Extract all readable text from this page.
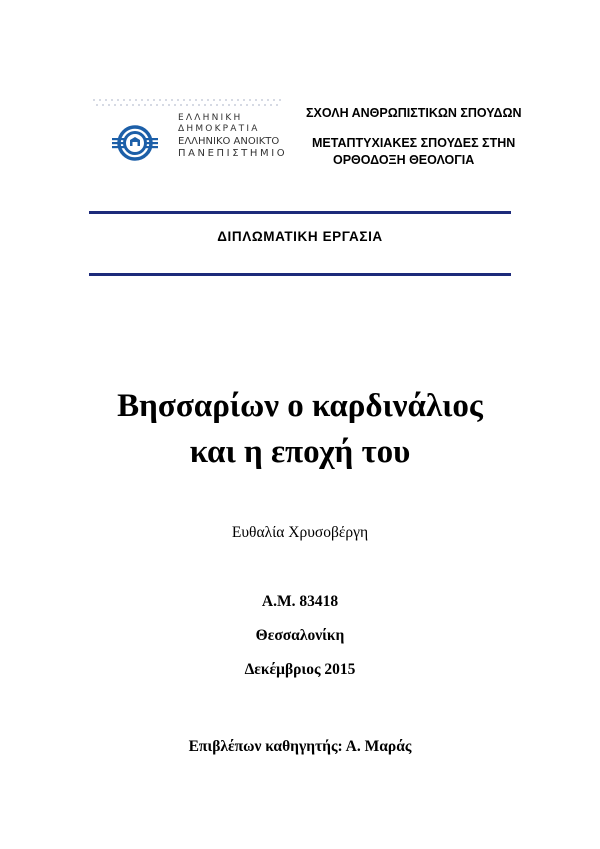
ΕΛΛΗΝΙΚΗ
ΔΗΜΟΚΡΑΤΙΑ
ΕΛΛΗΝΙΚΟ ΑΝΟΙΚΤΟ
ΠΑΝΕΠΙΣΤΗΜΙΟ
ΣΧΟΛΗ ΑΝΘΡΩΠΙΣΤΙΚΩΝ ΣΠΟΥΔΩΝ
ΜΕΤΑΠΤΥΧΙΑΚΕΣ ΣΠΟΥΔΕΣ ΣΤΗΝ
ΟΡΘΟΔΟΞΗ ΘΕΟΛΟΓΙΑ
ΔΙΠΛΩΜΑΤΙΚΗ ΕΡΓΑΣΙΑ
Βησσαρίων ο καρδινάλιος
και η εποχή του
Ευθαλία Χρυσοβέργη
Α.Μ. 83418
Θεσσαλονίκη
Δεκέμβριος 2015
Επιβλέπων καθηγητής: Α. Μαράς
